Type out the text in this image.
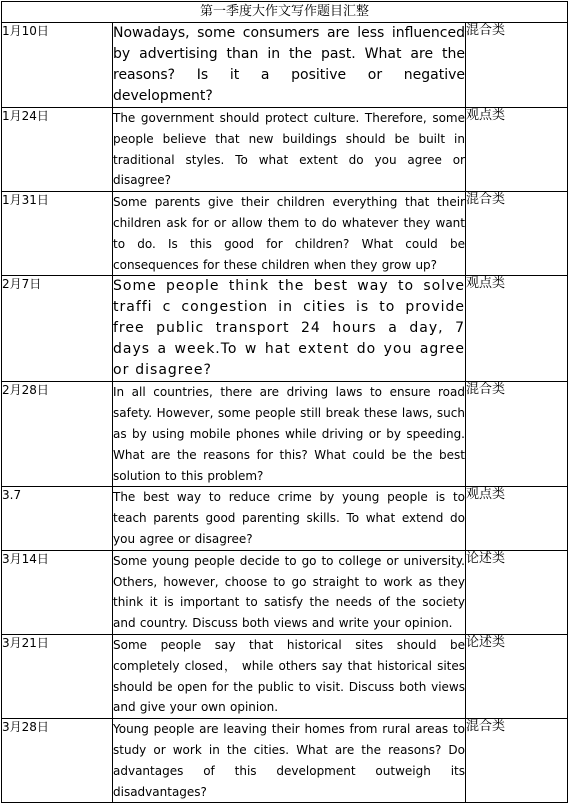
第一季度大作文写作题目汇整		
1月10日	Nowadays, some consumers are less influenced by advertising than in the past. What are the reasons? Is it a positive or negative development?	混合类
1月24日	The government should protect culture. Therefore, some people believe that new buildings should be built in traditional styles. To what extent do you agree or disagree?	观点类
1月31日	Some parents give their children everything that their children ask for or allow them to do whatever they want to do. Is this good for children? What could be consequences for these children when they grow up?	混合类
2月7日	Some people think the best way to solve traffi c congestion in cities is to provide free public transport 24 hours a day, 7 days a week.To w hat extent do you agree or disagree?	观点类
2月28日	In all countries, there are driving laws to ensure road safety. However, some people still break these laws, such as by using mobile phones while driving or by speeding. What are the reasons for this? What could be the best solution to this problem?	混合类
3.7	The best way to reduce crime by young people is to teach parents good parenting skills. To what extend do you agree or disagree?	观点类
3月14日	Some young people decide to go to college or university. Others, however, choose to go straight to work as they think it is important to satisfy the needs of the society and country. Discuss both views and write your opinion.	论述类
3月21日	Some people say that historical sites should be completely closed， while others say that historical sites should be open for the public to visit. Discuss both views and give your own opinion.	论述类
3月28日	Young people are leaving their homes from rural areas to study or work in the cities. What are the reasons? Do advantages of this development outweigh its disadvantages?	混合类
